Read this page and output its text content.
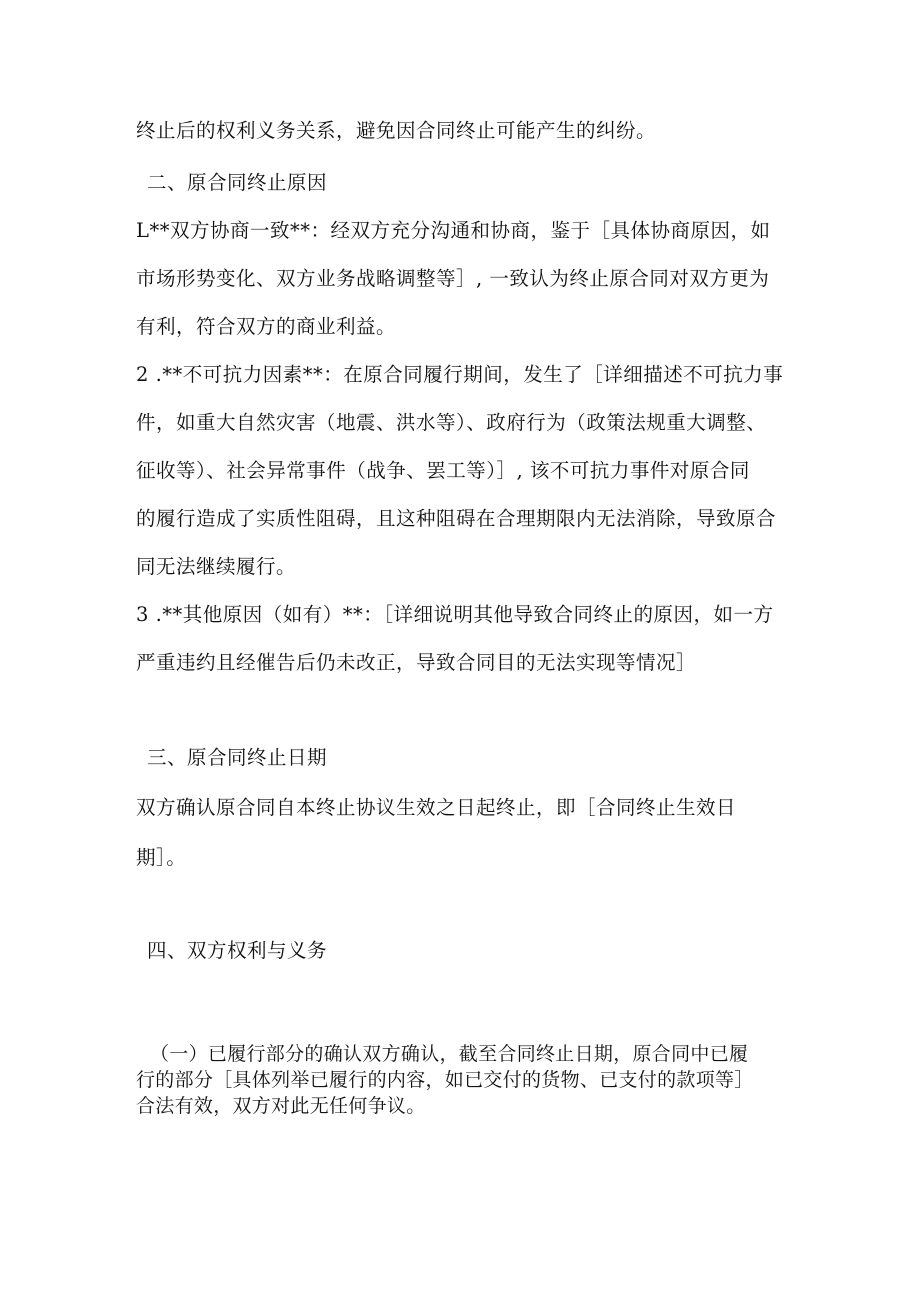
终止后的权利义务关系，避免因合同终止可能产生的纠纷。
二、原合同终止原因
L**双方协商一致**：经双方充分沟通和协商，鉴于［具体协商原因，如
市场形势变化、双方业务战略调整等］, 一致认为终止原合同对双方更为
有利，符合双方的商业利益。
2 .**不可抗力因素**：在原合同履行期间，发生了［详细描述不可抗力事
件，如重大自然灾害（地震、洪水等）、政府行为（政策法规重大调整、
征收等）、社会异常事件（战争、罢工等）］, 该不可抗力事件对原合同
的履行造成了实质性阻碍，且这种阻碍在合理期限内无法消除，导致原合
同无法继续履行。
3 .**其他原因（如有）**：［详细说明其他导致合同终止的原因，如一方
严重违约且经催告后仍未改正，导致合同目的无法实现等情况］
三、原合同终止日期
双方确认原合同自本终止协议生效之日起终止，即［合同终止生效日
期］。
四、双方权利与义务
（一）已履行部分的确认双方确认，截至合同终止日期，原合同中已履
行的部分［具体列举已履行的内容，如已交付的货物、已支付的款项等］
合法有效，双方对此无任何争议。
